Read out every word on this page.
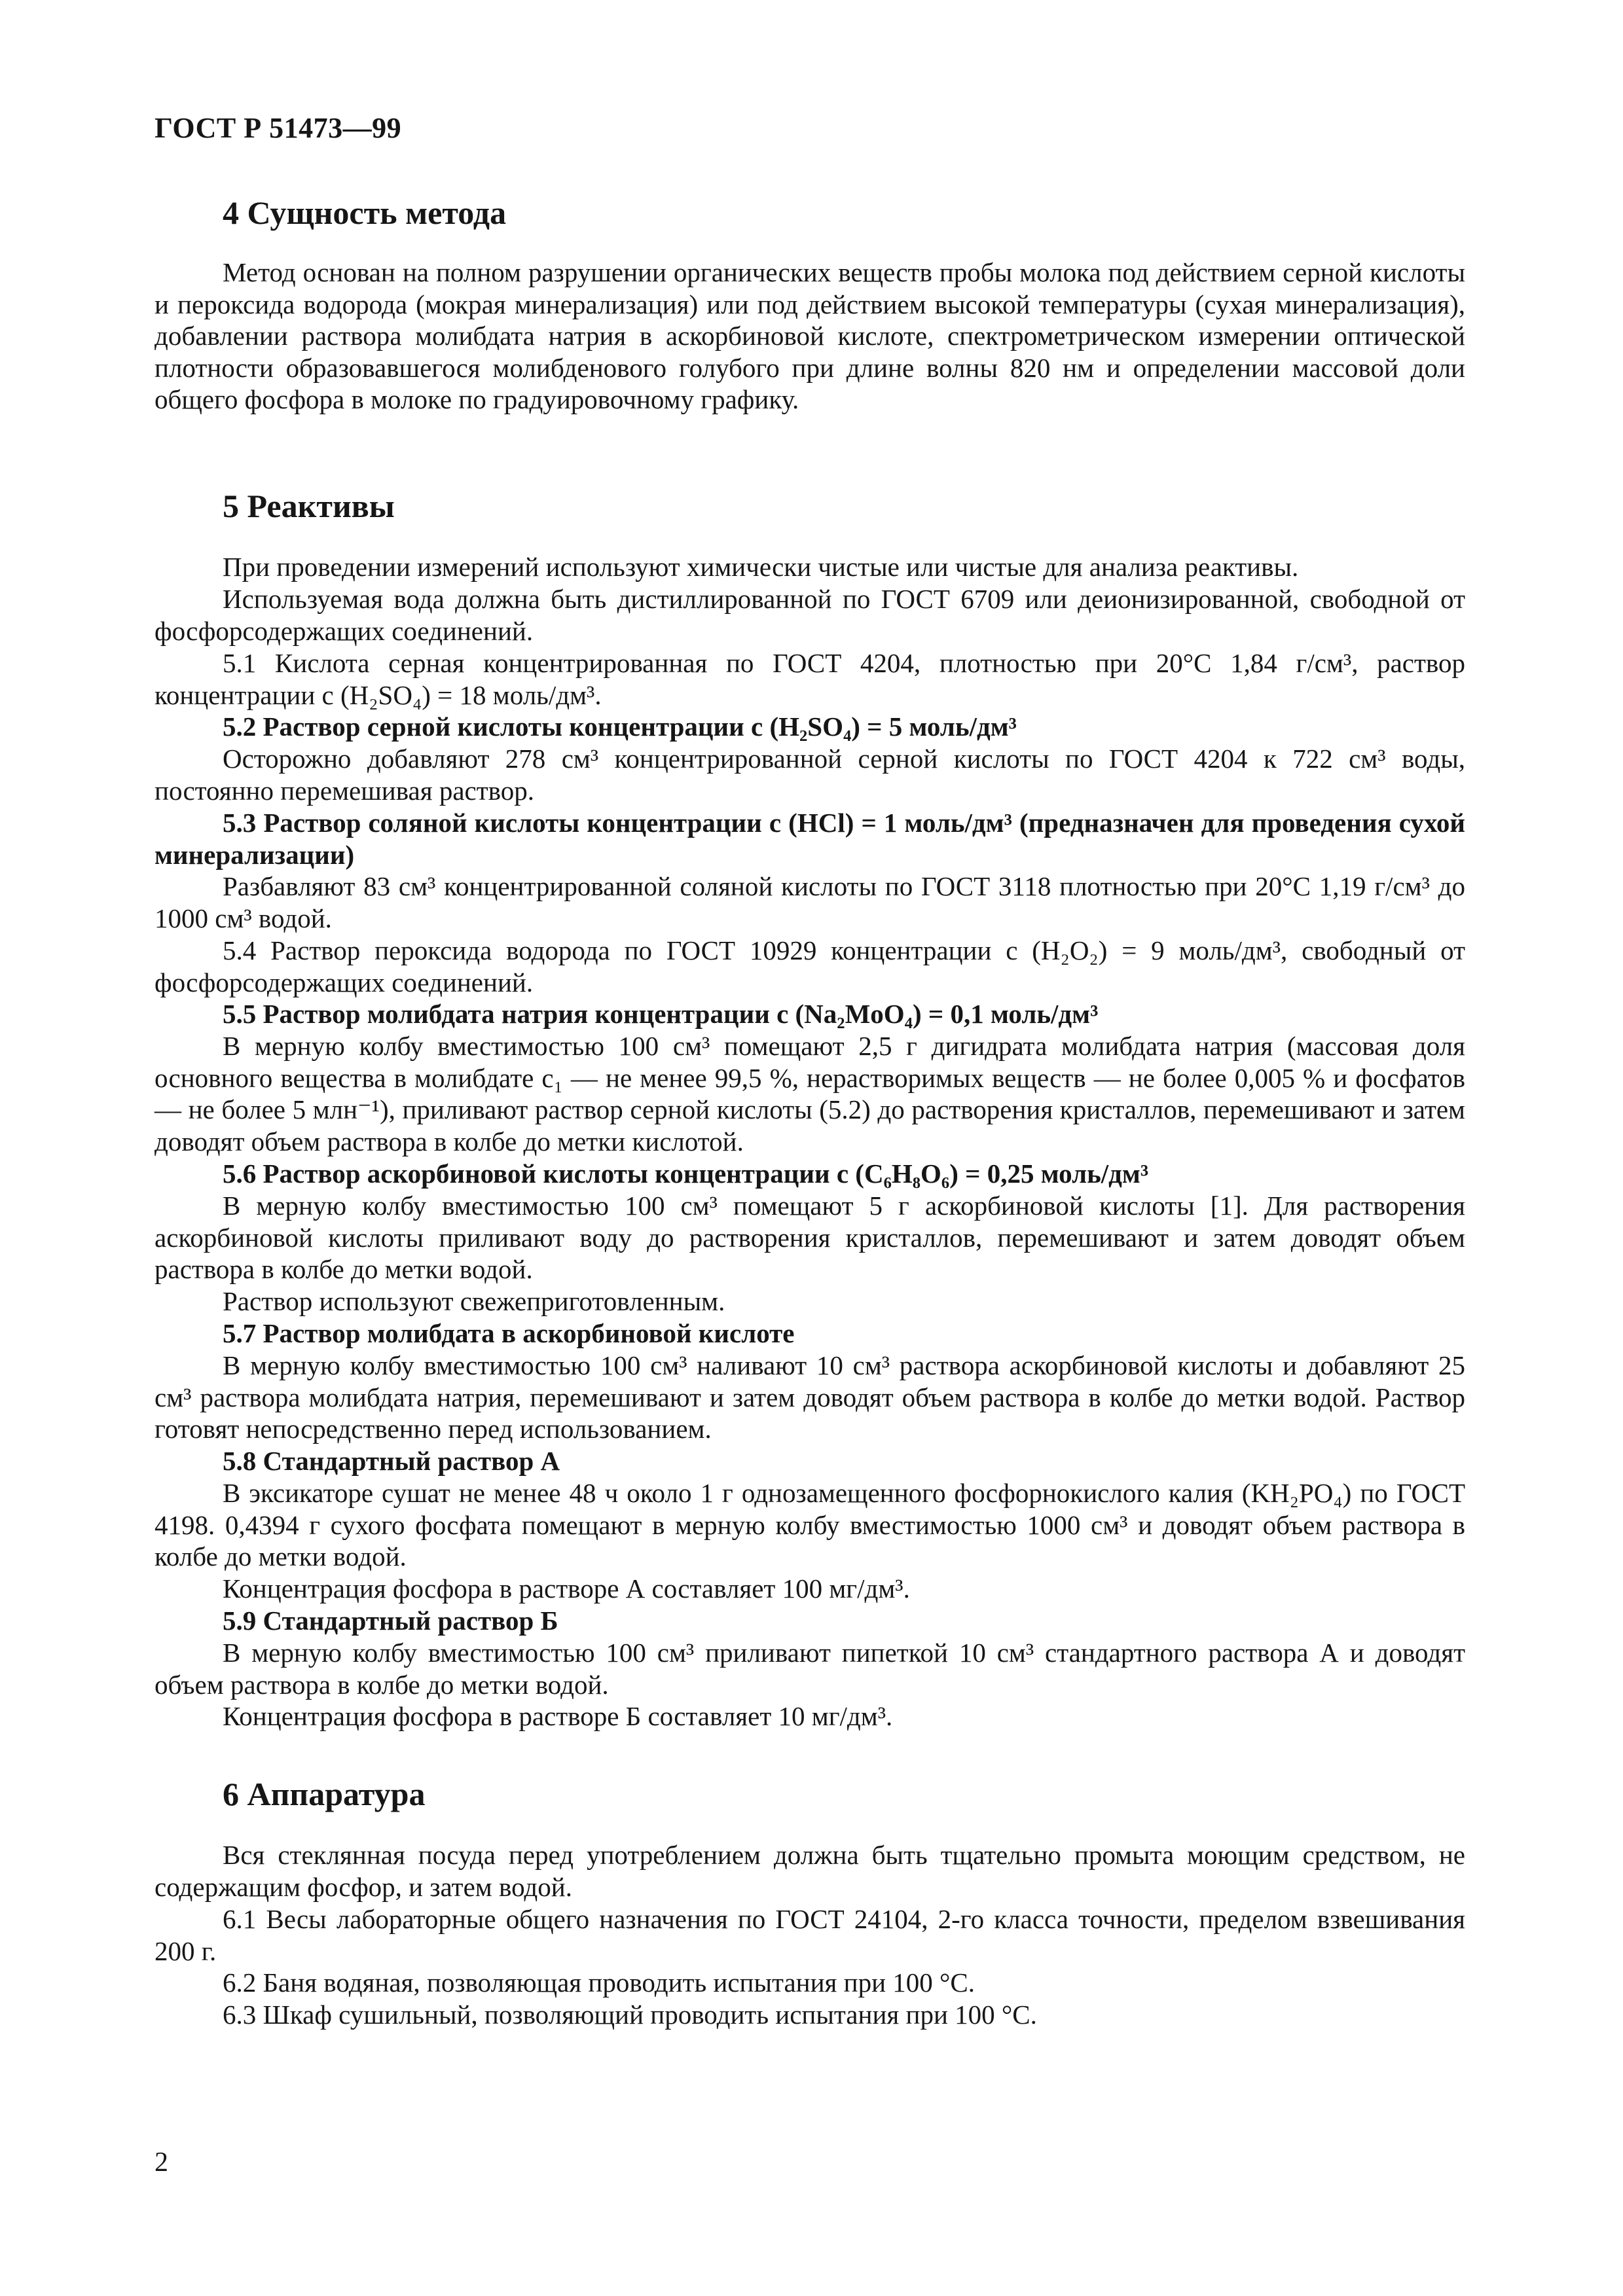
ГОСТ Р 51473—99
4 Сущность метода
Метод основан на полном разрушении органических веществ пробы молока под действием серной кислоты и пероксида водорода (мокрая минерализация) или под действием высокой температуры (сухая минерализация), добавлении раствора молибдата натрия в аскорбиновой кислоте, спектрометрическом измерении оптической плотности образовавшегося молибденового голубого при длине волны 820 нм и определении массовой доли общего фосфора в молоке по градуировочному графику.
5 Реактивы
При проведении измерений используют химически чистые или чистые для анализа реактивы.
Используемая вода должна быть дистиллированной по ГОСТ 6709 или деионизированной, свободной от фосфорсодержащих соединений.
5.1 Кислота серная концентрированная по ГОСТ 4204, плотностью при 20°С 1,84 г/см³, раствор концентрации c (H₂SO₄) = 18 моль/дм³.
5.2 Раствор серной кислоты концентрации c (H₂SO₄) = 5 моль/дм³
Осторожно добавляют 278 см³ концентрированной серной кислоты по ГОСТ 4204 к 722 см³ воды, постоянно перемешивая раствор.
5.3 Раствор соляной кислоты концентрации c (HCl) = 1 моль/дм³ (предназначен для проведения сухой минерализации)
Разбавляют 83 см³ концентрированной соляной кислоты по ГОСТ 3118 плотностью при 20°С 1,19 г/см³ до 1000 см³ водой.
5.4 Раствор пероксида водорода по ГОСТ 10929 концентрации c (H₂O₂) = 9 моль/дм³, свободный от фосфорсодержащих соединений.
5.5 Раствор молибдата натрия концентрации c (Na₂MoO₄) = 0,1 моль/дм³
В мерную колбу вместимостью 100 см³ помещают 2,5 г дигидрата молибдата натрия (массовая доля основного вещества в молибдате c₁ — не менее 99,5 %, нерастворимых веществ — не более 0,005 % и фосфатов — не более 5 млн⁻¹), приливают раствор серной кислоты (5.2) до растворения кристаллов, перемешивают и затем доводят объем раствора в колбе до метки кислотой.
5.6 Раствор аскорбиновой кислоты концентрации c (C₆H₈O₆) = 0,25 моль/дм³
В мерную колбу вместимостью 100 см³ помещают 5 г аскорбиновой кислоты [1]. Для растворения аскорбиновой кислоты приливают воду до растворения кристаллов, перемешивают и затем доводят объем раствора в колбе до метки водой.
Раствор используют свежеприготовленным.
5.7 Раствор молибдата в аскорбиновой кислоте
В мерную колбу вместимостью 100 см³ наливают 10 см³ раствора аскорбиновой кислоты и добавляют 25 см³ раствора молибдата натрия, перемешивают и затем доводят объем раствора в колбе до метки водой. Раствор готовят непосредственно перед использованием.
5.8 Стандартный раствор А
В эксикаторе сушат не менее 48 ч около 1 г однозамещенного фосфорнокислого калия (KH₂PO₄) по ГОСТ 4198. 0,4394 г сухого фосфата помещают в мерную колбу вместимостью 1000 см³ и доводят объем раствора в колбе до метки водой.
Концентрация фосфора в растворе А составляет 100 мг/дм³.
5.9 Стандартный раствор Б
В мерную колбу вместимостью 100 см³ приливают пипеткой 10 см³ стандартного раствора А и доводят объем раствора в колбе до метки водой.
Концентрация фосфора в растворе Б составляет 10 мг/дм³.
6 Аппаратура
Вся стеклянная посуда перед употреблением должна быть тщательно промыта моющим средством, не содержащим фосфор, и затем водой.
6.1 Весы лабораторные общего назначения по ГОСТ 24104, 2-го класса точности, пределом взвешивания 200 г.
6.2 Баня водяная, позволяющая проводить испытания при 100 °С.
6.3 Шкаф сушильный, позволяющий проводить испытания при 100 °С.
2
